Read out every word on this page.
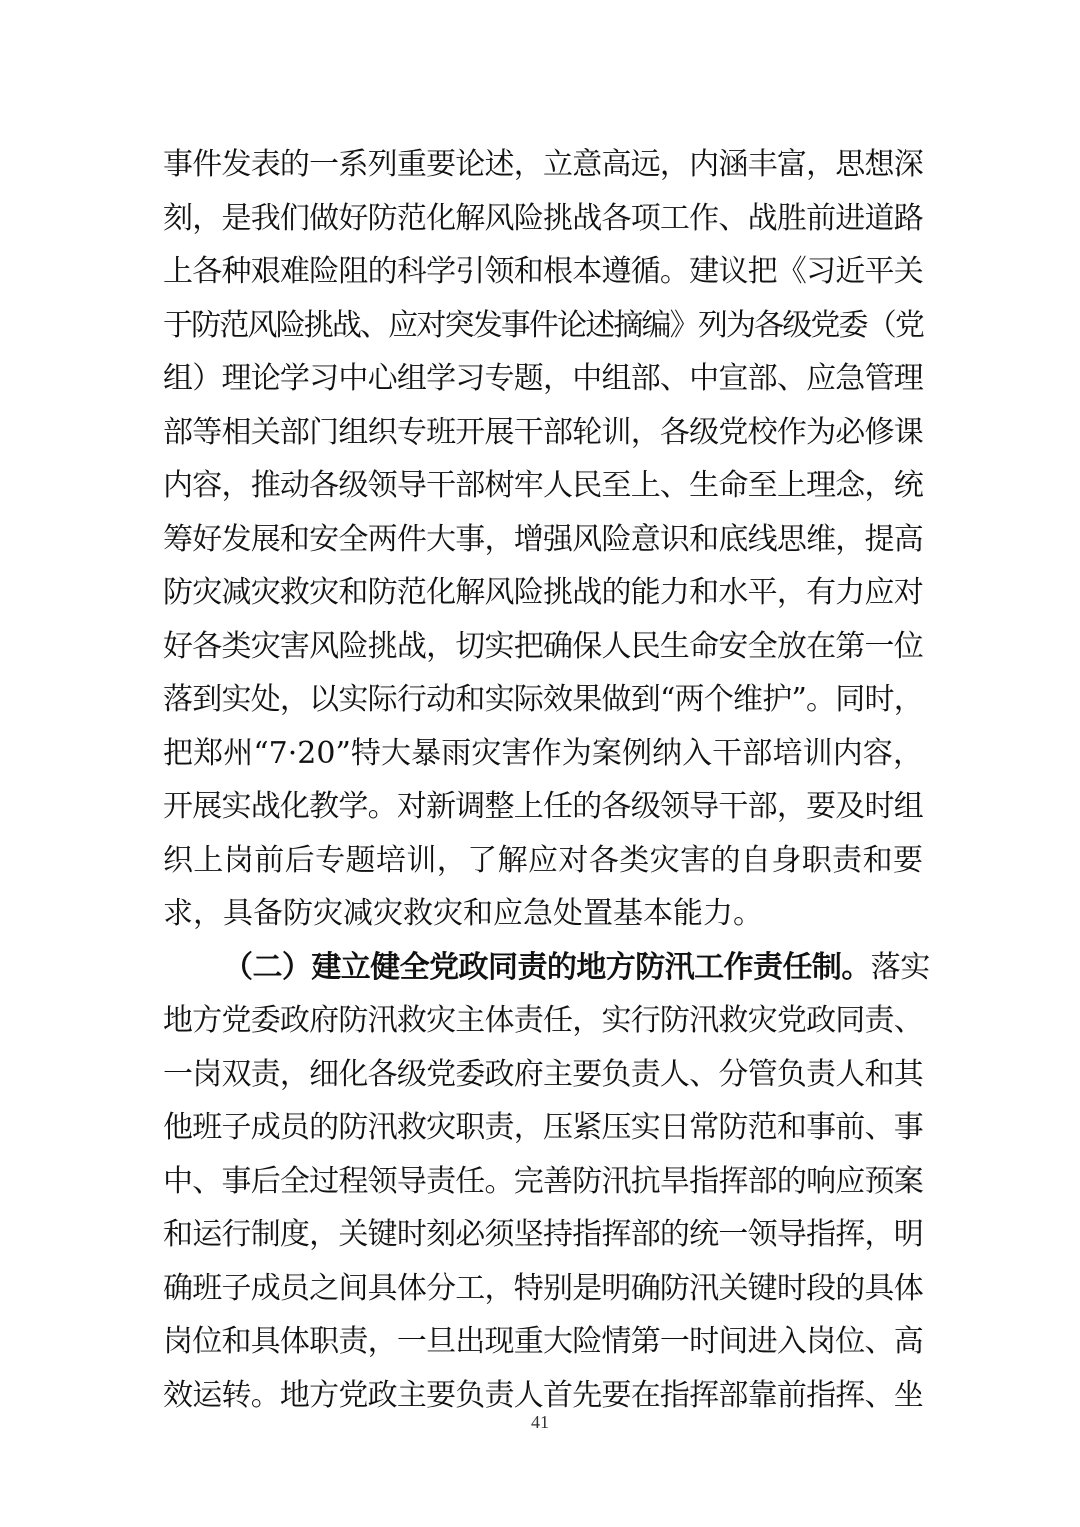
事件发表的一系列重要论述，立意高远，内涵丰富，思想深
刻，是我们做好防范化解风险挑战各项工作、战胜前进道路
上各种艰难险阻的科学引领和根本遵循。建议把《习近平关
于防范风险挑战、应对突发事件论述摘编》列为各级党委（党
组）理论学习中心组学习专题，中组部、中宣部、应急管理
部等相关部门组织专班开展干部轮训，各级党校作为必修课
内容，推动各级领导干部树牢人民至上、生命至上理念，统
筹好发展和安全两件大事，增强风险意识和底线思维，提高
防灾减灾救灾和防范化解风险挑战的能力和水平，有力应对
好各类灾害风险挑战，切实把确保人民生命安全放在第一位
落到实处，以实际行动和实际效果做到“两个维护”。同时，
把郑州“7·20”特大暴雨灾害作为案例纳入干部培训内容，
开展实战化教学。对新调整上任的各级领导干部，要及时组
织上岗前后专题培训，了解应对各类灾害的自身职责和要
求，具备防灾减灾救灾和应急处置基本能力。
（二）建立健全党政同责的地方防汛工作责任制。落实
地方党委政府防汛救灾主体责任，实行防汛救灾党政同责、
一岗双责，细化各级党委政府主要负责人、分管负责人和其
他班子成员的防汛救灾职责，压紧压实日常防范和事前、事
中、事后全过程领导责任。完善防汛抗旱指挥部的响应预案
和运行制度，关键时刻必须坚持指挥部的统一领导指挥，明
确班子成员之间具体分工，特别是明确防汛关键时段的具体
岗位和具体职责，一旦出现重大险情第一时间进入岗位、高
效运转。地方党政主要负责人首先要在指挥部靠前指挥、坐
41
